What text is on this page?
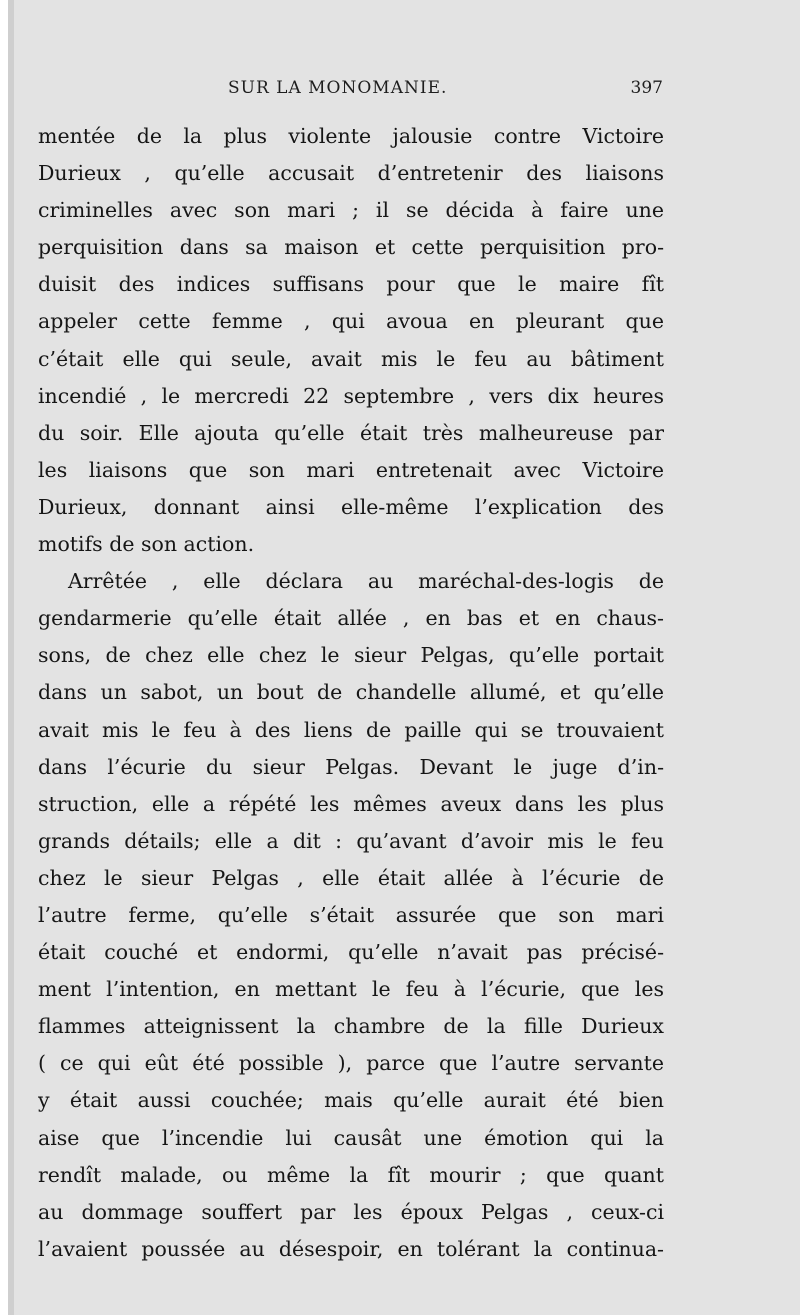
SUR LA MONOMANIE.	397
mentée de la plus violente jalousie contre Victoire
Durieux , qu’elle accusait d’entretenir des liaisons
criminelles avec son mari ; il se décida à faire une
perquisition dans sa maison et cette perquisition pro-
duisit des indices suffisans pour que le maire fît
appeler cette femme , qui avoua en pleurant que
c’était elle qui seule, avait mis le feu au bâtiment
incendié , le mercredi 22 septembre , vers dix heures
du soir. Elle ajouta qu’elle était très malheureuse par
les liaisons que son mari entretenait avec Victoire
Durieux, donnant ainsi elle-même l’explication des
motifs de son action.
Arrêtée , elle déclara au maréchal-des-logis de
gendarmerie qu’elle était allée , en bas et en chaus-
sons, de chez elle chez le sieur Pelgas, qu’elle portait
dans un sabot, un bout de chandelle allumé, et qu’elle
avait mis le feu à des liens de paille qui se trouvaient
dans l’écurie du sieur Pelgas. Devant le juge d’in-
struction, elle a répété les mêmes aveux dans les plus
grands détails; elle a dit : qu’avant d’avoir mis le feu
chez le sieur Pelgas , elle était allée à l’écurie de
l’autre ferme, qu’elle s’était assurée que son mari
était couché et endormi, qu’elle n’avait pas précisé-
ment l’intention, en mettant le feu à l’écurie, que les
flammes atteignissent la chambre de la fille Durieux
( ce qui eût été possible ), parce que l’autre servante
y était aussi couchée; mais qu’elle aurait été bien
aise que l’incendie lui causât une émotion qui la
rendît malade, ou même la fît mourir ; que quant
au dommage souffert par les époux Pelgas , ceux-ci
l’avaient poussée au désespoir, en tolérant la continua-
